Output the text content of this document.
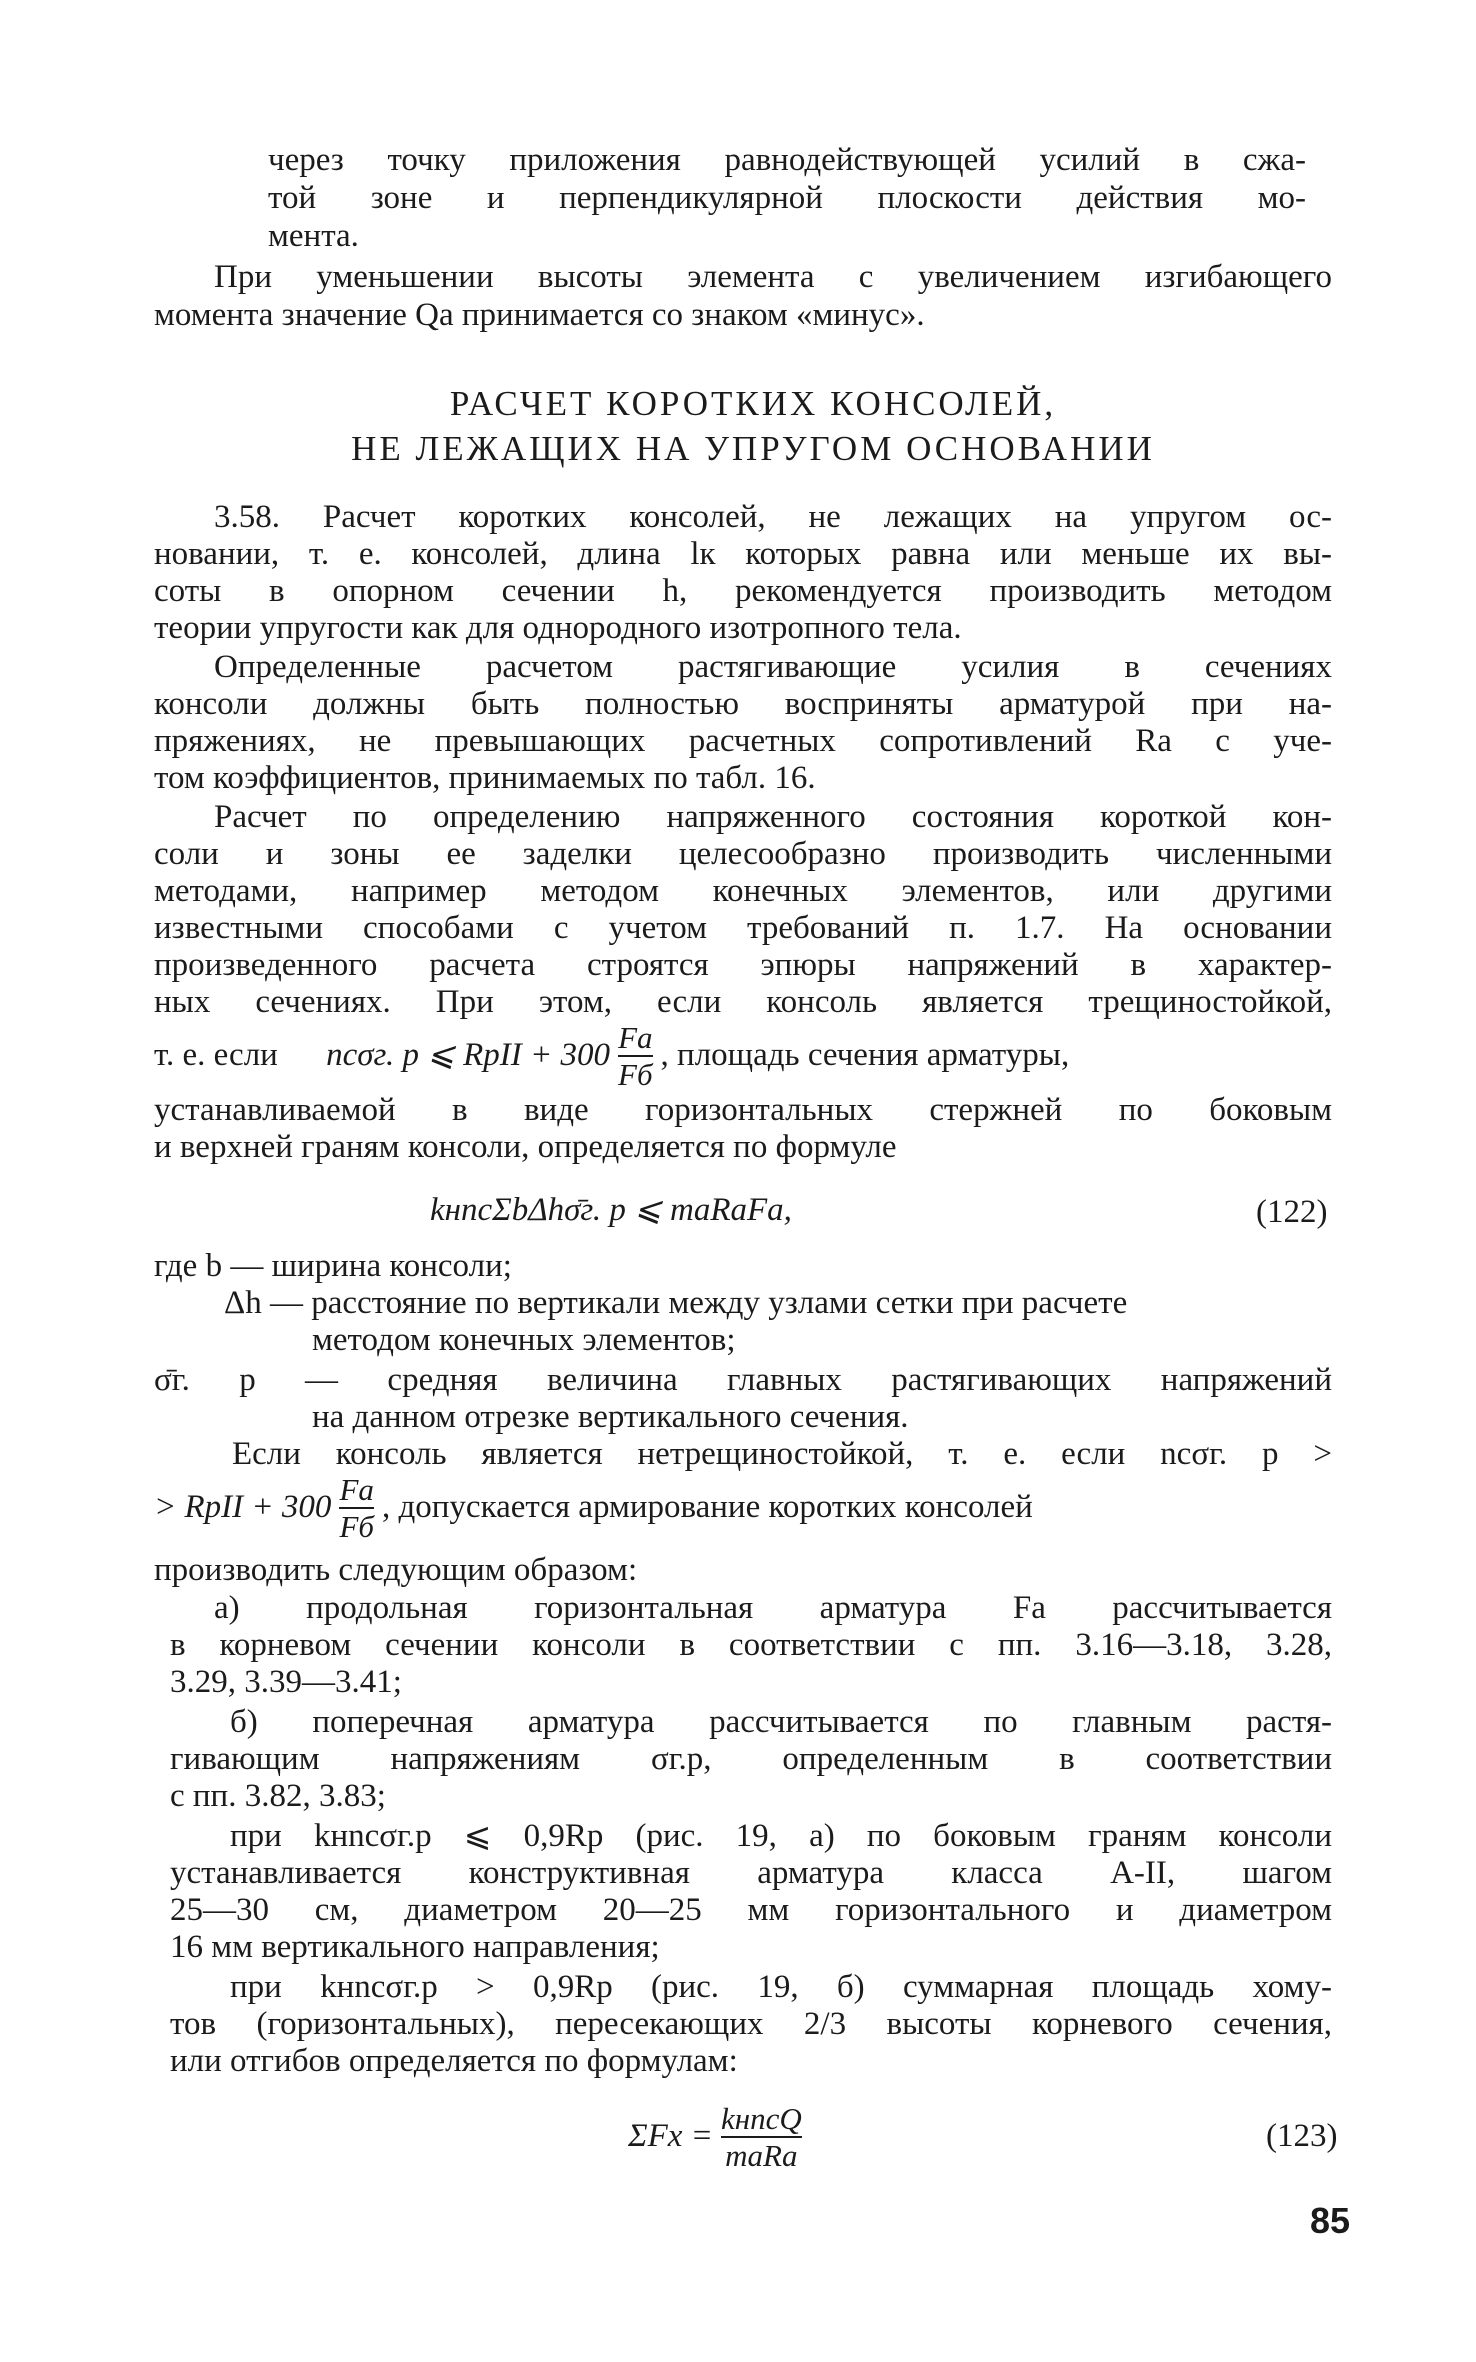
через точку приложения равнодействующей усилий в сжа-
той зоне и перпендикулярной плоскости действия мо-
мента.
При уменьшении высоты элемента с увеличением изгибающего
момента значение Qа принимается со знаком «минус».
РАСЧЕТ КОРОТКИХ КОНСОЛЕЙ,
НЕ ЛЕЖАЩИХ НА УПРУГОМ ОСНОВАНИИ
3.58. Расчет коротких консолей, не лежащих на упругом ос-
новании, т. е. консолей, длина lк которых равна или меньше их вы-
соты в опорном сечении h, рекомендуется производить методом
теории упругости как для однородного изотропного тела.
Определенные расчетом растягивающие усилия в сечениях
консоли должны быть полностью восприняты арматурой при на-
пряжениях, не превышающих расчетных сопротивлений Rа с уче-
том коэффициентов, принимаемых по табл. 16.
Расчет по определению напряженного состояния короткой кон-
соли и зоны ее заделки целесообразно производить численными
методами, например методом конечных элементов, или другими
известными способами с учетом требований п. 1.7. На основании
произведенного расчета строятся эпюры напряжений в характер-
ных сечениях. При этом, если консоль является трещиностойкой,
т. е. если ncσг. р ⩽ RрII + $300 \frac{Fа}{Fб}$ , площадь сечения арматуры,
устанавливаемой в виде горизонтальных стержней по боковым
и верхней граням консоли, определяется по формуле
kнncΣbΔhσ̄г. р ⩽ mаRаFа,	(122)
где b — ширина консоли;
Δh — расстояние по вертикали между узлами сетки при расчете
методом конечных элементов;
σ̄г. р — средняя величина главных растягивающих напряжений
на данном отрезке вертикального сечения.
Если консоль является нетрещиностойкой, т. е. если ncσг. р >
> RрII + $300 \frac{Fа}{Fб}$ , допускается армирование коротких консолей
производить следующим образом:
а) продольная горизонтальная арматура Fа рассчитывается
в корневом сечении консоли в соответствии с пп. 3.16—3.18, 3.28,
3.29, 3.39—3.41;
б) поперечная арматура рассчитывается по главным растя-
гивающим напряжениям σг.р, определенным в соответствии
с пп. 3.82, 3.83;
при kнncσг.р ⩽ 0,9Rр (рис. 19, а) по боковым граням консоли
устанавливается конструктивная арматура класса А-II, шагом
25—30 см, диаметром 20—25 мм горизонтального и диаметром
16 мм вертикального направления;
при kнncσг.р > 0,9Rр (рис. 19, б) суммарная площадь хому-
тов (горизонтальных), пересекающих 2/3 высоты корневого сечения,
или отгибов определяется по формулам:
$\Sigma Fх = \frac{\text{kнncQ}}{\text{mаRа}}$	(123)
85
